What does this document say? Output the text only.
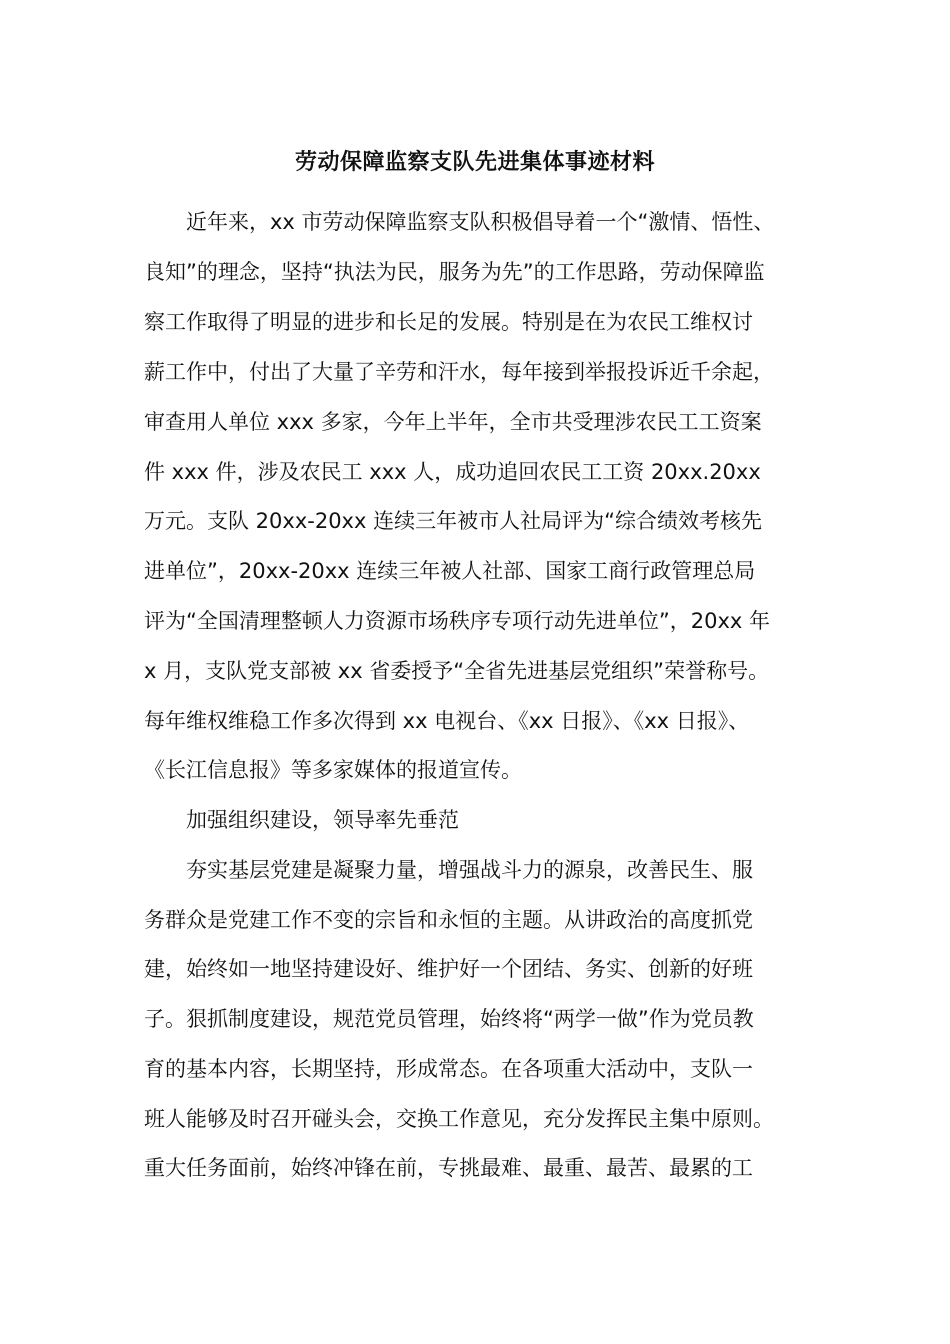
劳动保障监察支队先进集体事迹材料
近年来，xx 市劳动保障监察支队积极倡导着一个“激情、悟性、
良知”的理念，坚持“执法为民，服务为先”的工作思路，劳动保障监
察工作取得了明显的进步和长足的发展。特别是在为农民工维权讨
薪工作中，付出了大量了辛劳和汗水，每年接到举报投诉近千余起，
审查用人单位 xxx 多家，今年上半年，全市共受理涉农民工工资案
件 xxx 件，涉及农民工 xxx 人，成功追回农民工工资 20xx.20xx
万元。支队 20xx-20xx 连续三年被市人社局评为“综合绩效考核先
进单位”，20xx-20xx 连续三年被人社部、国家工商行政管理总局
评为“全国清理整顿人力资源市场秩序专项行动先进单位”，20xx 年
x 月，支队党支部被 xx 省委授予“全省先进基层党组织”荣誉称号。
每年维权维稳工作多次得到 xx 电视台、《xx 日报》、《xx 日报》、
《长江信息报》等多家媒体的报道宣传。
加强组织建设，领导率先垂范
夯实基层党建是凝聚力量，增强战斗力的源泉，改善民生、服
务群众是党建工作不变的宗旨和永恒的主题。从讲政治的高度抓党
建，始终如一地坚持建设好、维护好一个团结、务实、创新的好班
子。狠抓制度建设，规范党员管理，始终将“两学一做”作为党员教
育的基本内容，长期坚持，形成常态。在各项重大活动中，支队一
班人能够及时召开碰头会，交换工作意见，充分发挥民主集中原则。
重大任务面前，始终冲锋在前，专挑最难、最重、最苦、最累的工
